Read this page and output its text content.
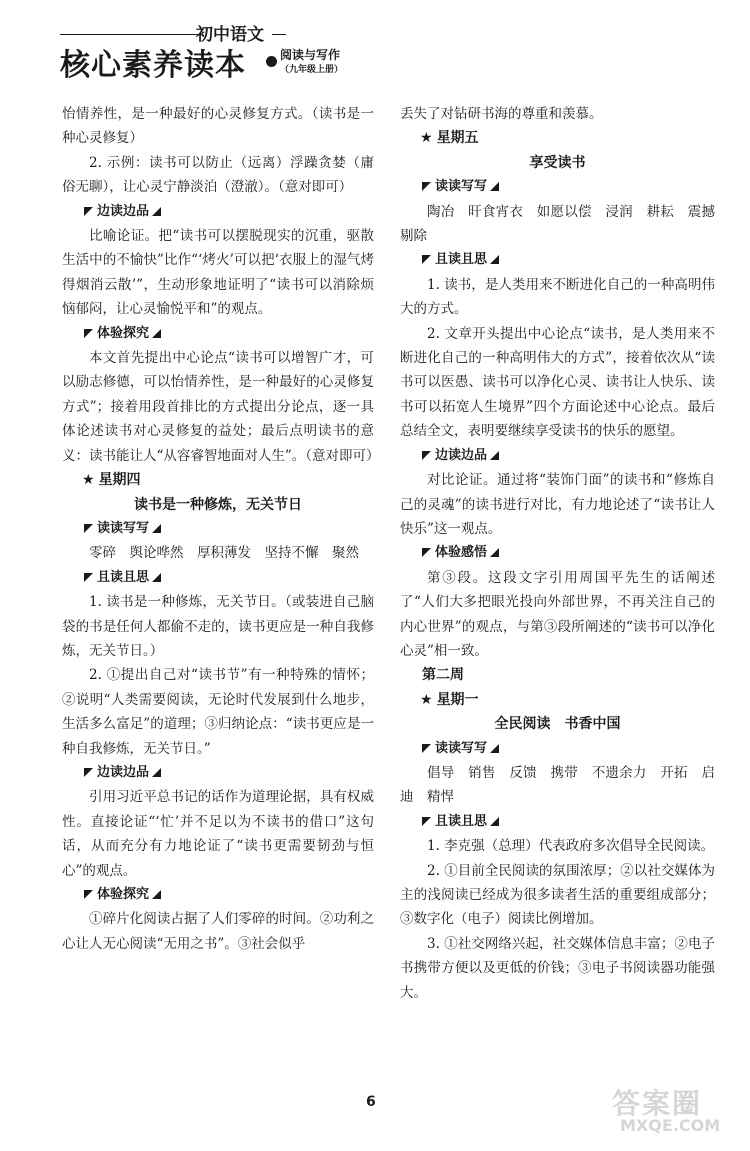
初中语文
核心素养读本	阅读与写作
（九年级上册）

怡情养性，是一种最好的心灵修复方式。（读书是一种心灵修复）

2. 示例：读书可以防止（远离）浮躁贪婪（庸俗无聊），让心灵宁静淡泊（澄澈）。（意对即可）

边读边品

比喻论证。把“读书可以摆脱现实的沉重，驱散生活中的不愉快”比作“‘烤火’可以把‘衣服上的湿气烤得烟消云散’”，生动形象地证明了“读书可以消除烦恼郁闷，让心灵愉悦平和”的观点。

体验探究

本文首先提出中心论点“读书可以增智广才，可以励志修德，可以怡情养性，是一种最好的心灵修复方式”；接着用段首排比的方式提出分论点，逐一具体论述读书对心灵修复的益处；最后点明读书的意义：读书能让人“从容睿智地面对人生”。（意对即可）

★ 星期四
读书是一种修炼，无关节日
读读写写

零碎　舆论哗然　厚积薄发　坚持不懈　聚然

且读且思

1. 读书是一种修炼，无关节日。（或装进自己脑袋的书是任何人都偷不走的，读书更应是一种自我修炼，无关节日。）

2. ①提出自己对“读书节”有一种特殊的情怀；②说明“人类需要阅读，无论时代发展到什么地步，生活多么富足”的道理；③归纳论点：“读书更应是一种自我修炼，无关节日。”

边读边品

引用习近平总书记的话作为道理论据，具有权威性。直接论证“‘忙’并不足以为不读书的借口”这句话，从而充分有力地论证了“读书更需要韧劲与恒心”的观点。

体验探究

①碎片化阅读占据了人们零碎的时间。②功利之心让人无心阅读“无用之书”。③社会似乎

丢失了对钻研书海的尊重和羡慕。

★ 星期五
享受读书
读读写写

陶冶　旰食宵衣　如愿以偿　浸润　耕耘　震撼　剔除

且读且思

1. 读书，是人类用来不断进化自己的一种高明伟大的方式。

2. 文章开头提出中心论点“读书，是人类用来不断进化自己的一种高明伟大的方式”，接着依次从“读书可以医愚、读书可以净化心灵、读书让人快乐、读书可以拓宽人生境界”四个方面论述中心论点。最后总结全文，表明要继续享受读书的快乐的愿望。

边读边品

对比论证。通过将“装饰门面”的读书和“修炼自己的灵魂”的读书进行对比，有力地论述了“读书让人快乐”这一观点。

体验感悟

第③段。这段文字引用周国平先生的话阐述了“人们大多把眼光投向外部世界，不再关注自己的内心世界”的观点，与第③段所阐述的“读书可以净化心灵”相一致。

第二周
★ 星期一
全民阅读　书香中国
读读写写

倡导　销售　反馈　携带　不遗余力　开拓　启迪　精悍

且读且思

1. 李克强（总理）代表政府多次倡导全民阅读。

2. ①目前全民阅读的氛围浓厚；②以社交媒体为主的浅阅读已经成为很多读者生活的重要组成部分；③数字化（电子）阅读比例增加。

3. ①社交网络兴起，社交媒体信息丰富；②电子书携带方便以及更低的价钱；③电子书阅读器功能强大。

6	答案圈
MXQE.COM
